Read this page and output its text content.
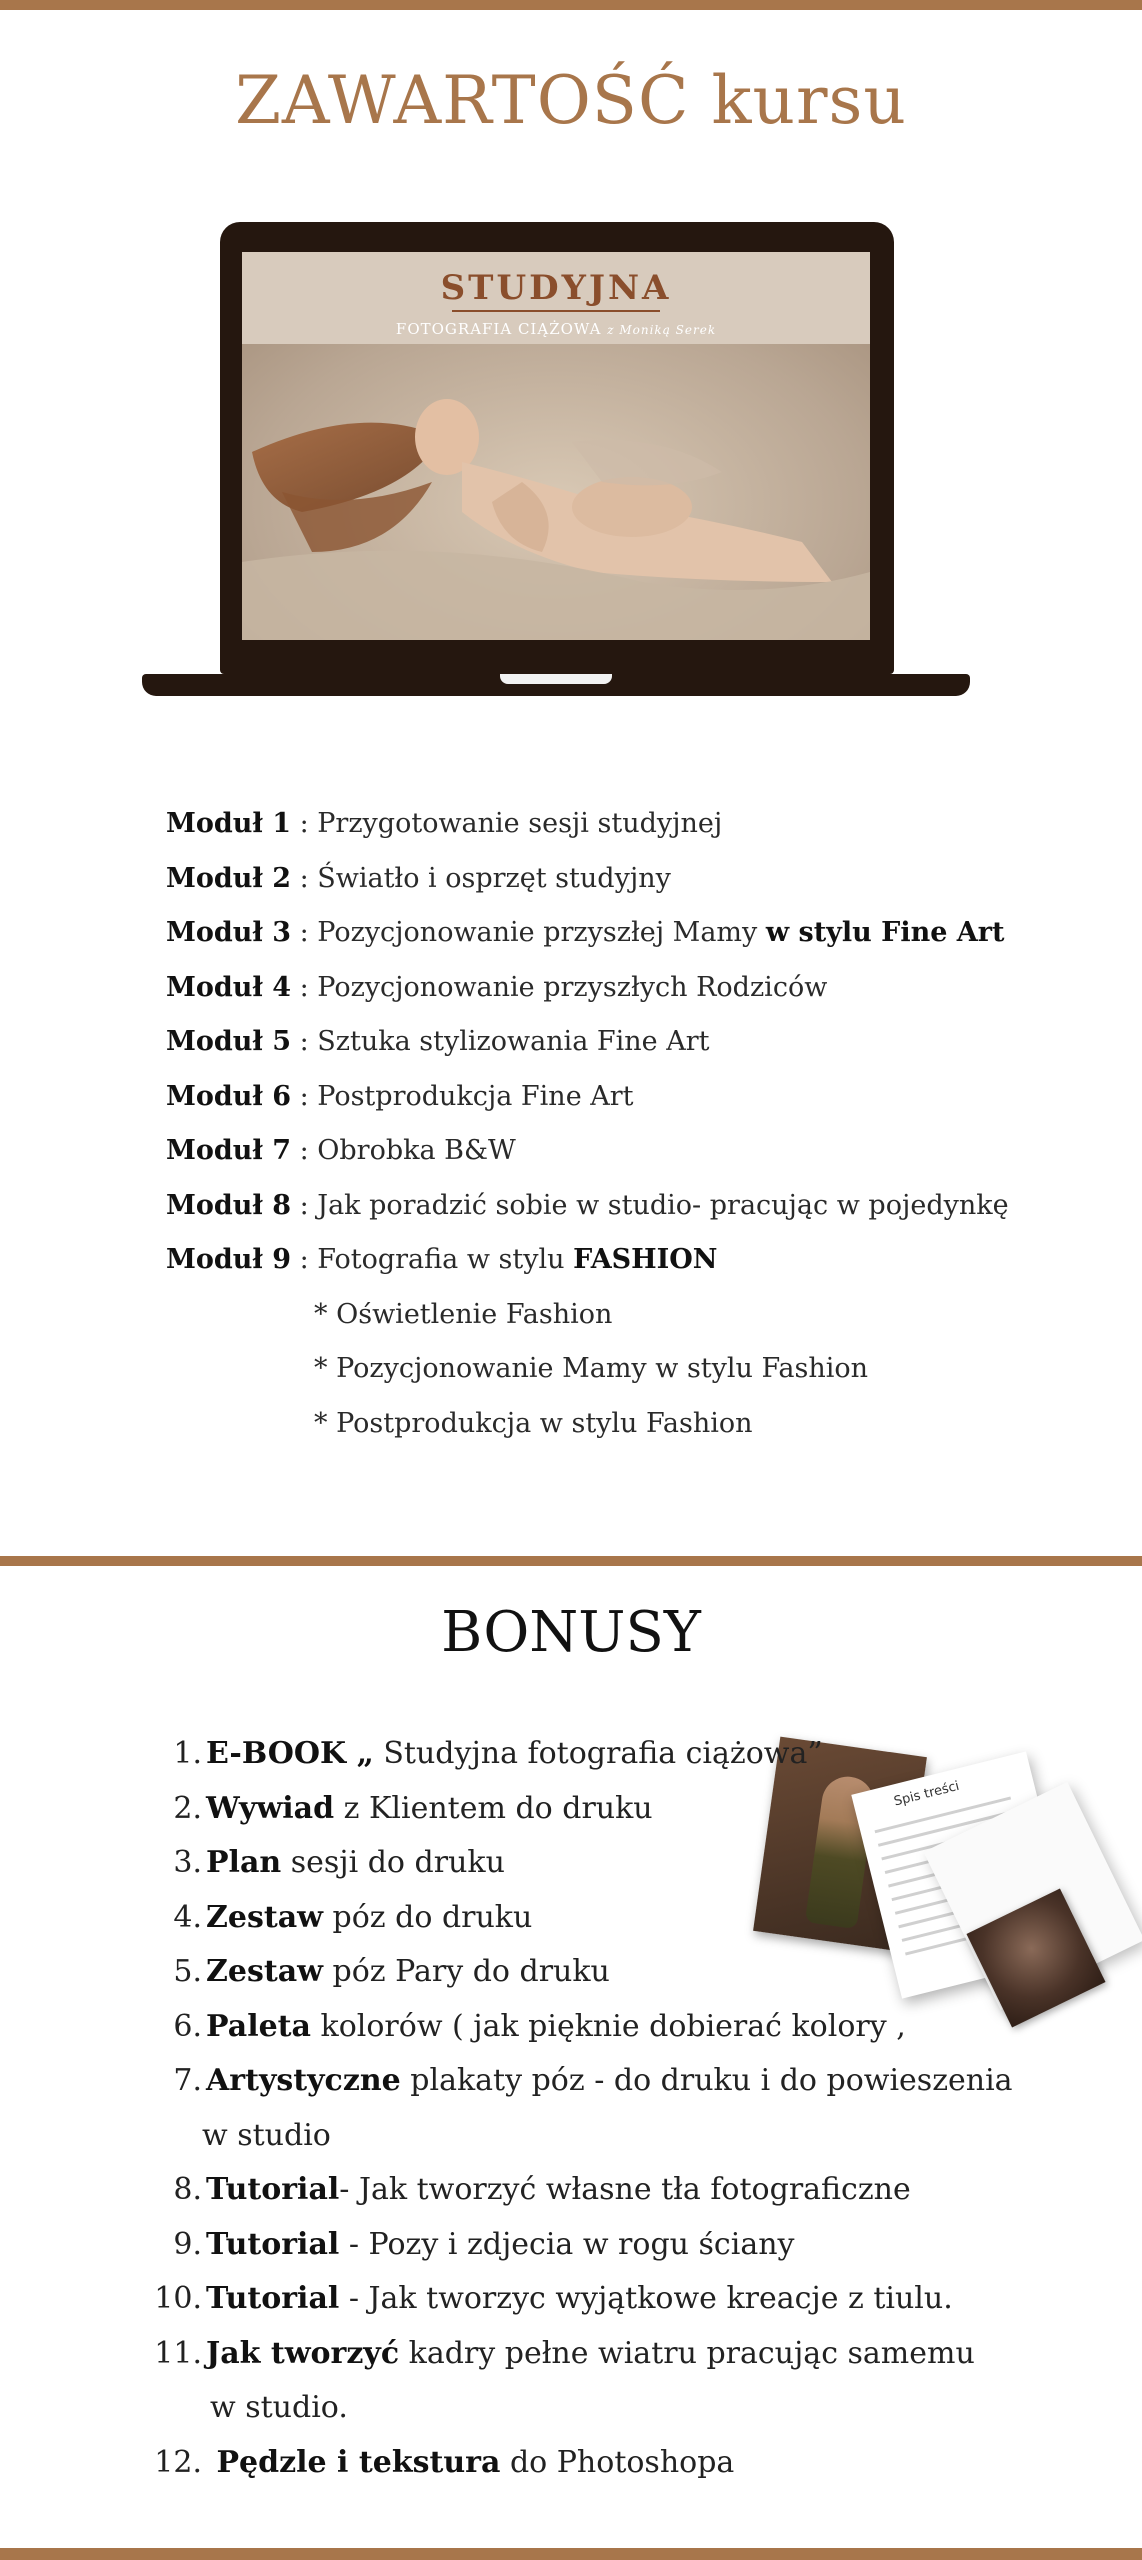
ZAWARTOŚĆ kursu
STUDYJNA
FOTOGRAFIA CIĄŻOWA z Moniką Serek
Moduł 1 : Przygotowanie sesji studyjnej
Moduł 2 : Światło i osprzęt studyjny
Moduł 3 : Pozycjonowanie przyszłej Mamy w stylu Fine Art
Moduł 4 : Pozycjonowanie przyszłych Rodziców
Moduł 5 : Sztuka stylizowania Fine Art
Moduł 6 : Postprodukcja Fine Art
Moduł 7 : Obrobka B&W
Moduł 8 : Jak poradzić sobie w studio- pracując w pojedynkę
Moduł 9 : Fotografia w stylu FASHION
* Oświetlenie Fashion
* Pozycjonowanie Mamy w stylu Fashion
* Postprodukcja w stylu Fashion
BONUSY
Spis treści
1. E-BOOK „ Studyjna fotografia ciążowa”
2. Wywiad z Klientem do druku
3. Plan sesji do druku
4. Zestaw póz do druku
5. Zestaw póz Pary do druku
6. Paleta kolorów ( jak pięknie dobierać kolory ,
7. Artystyczne plakaty póz - do druku i do powieszenia
w studio
8. Tutorial- Jak tworzyć własne tła fotograficzne
9. Tutorial - Pozy i zdjecia w rogu ściany
10. Tutorial - Jak tworzyc wyjątkowe kreacje z tiulu.
11. Jak tworzyć kadry pełne wiatru pracując samemu
w studio.
12. Pędzle i tekstura do Photoshopa
